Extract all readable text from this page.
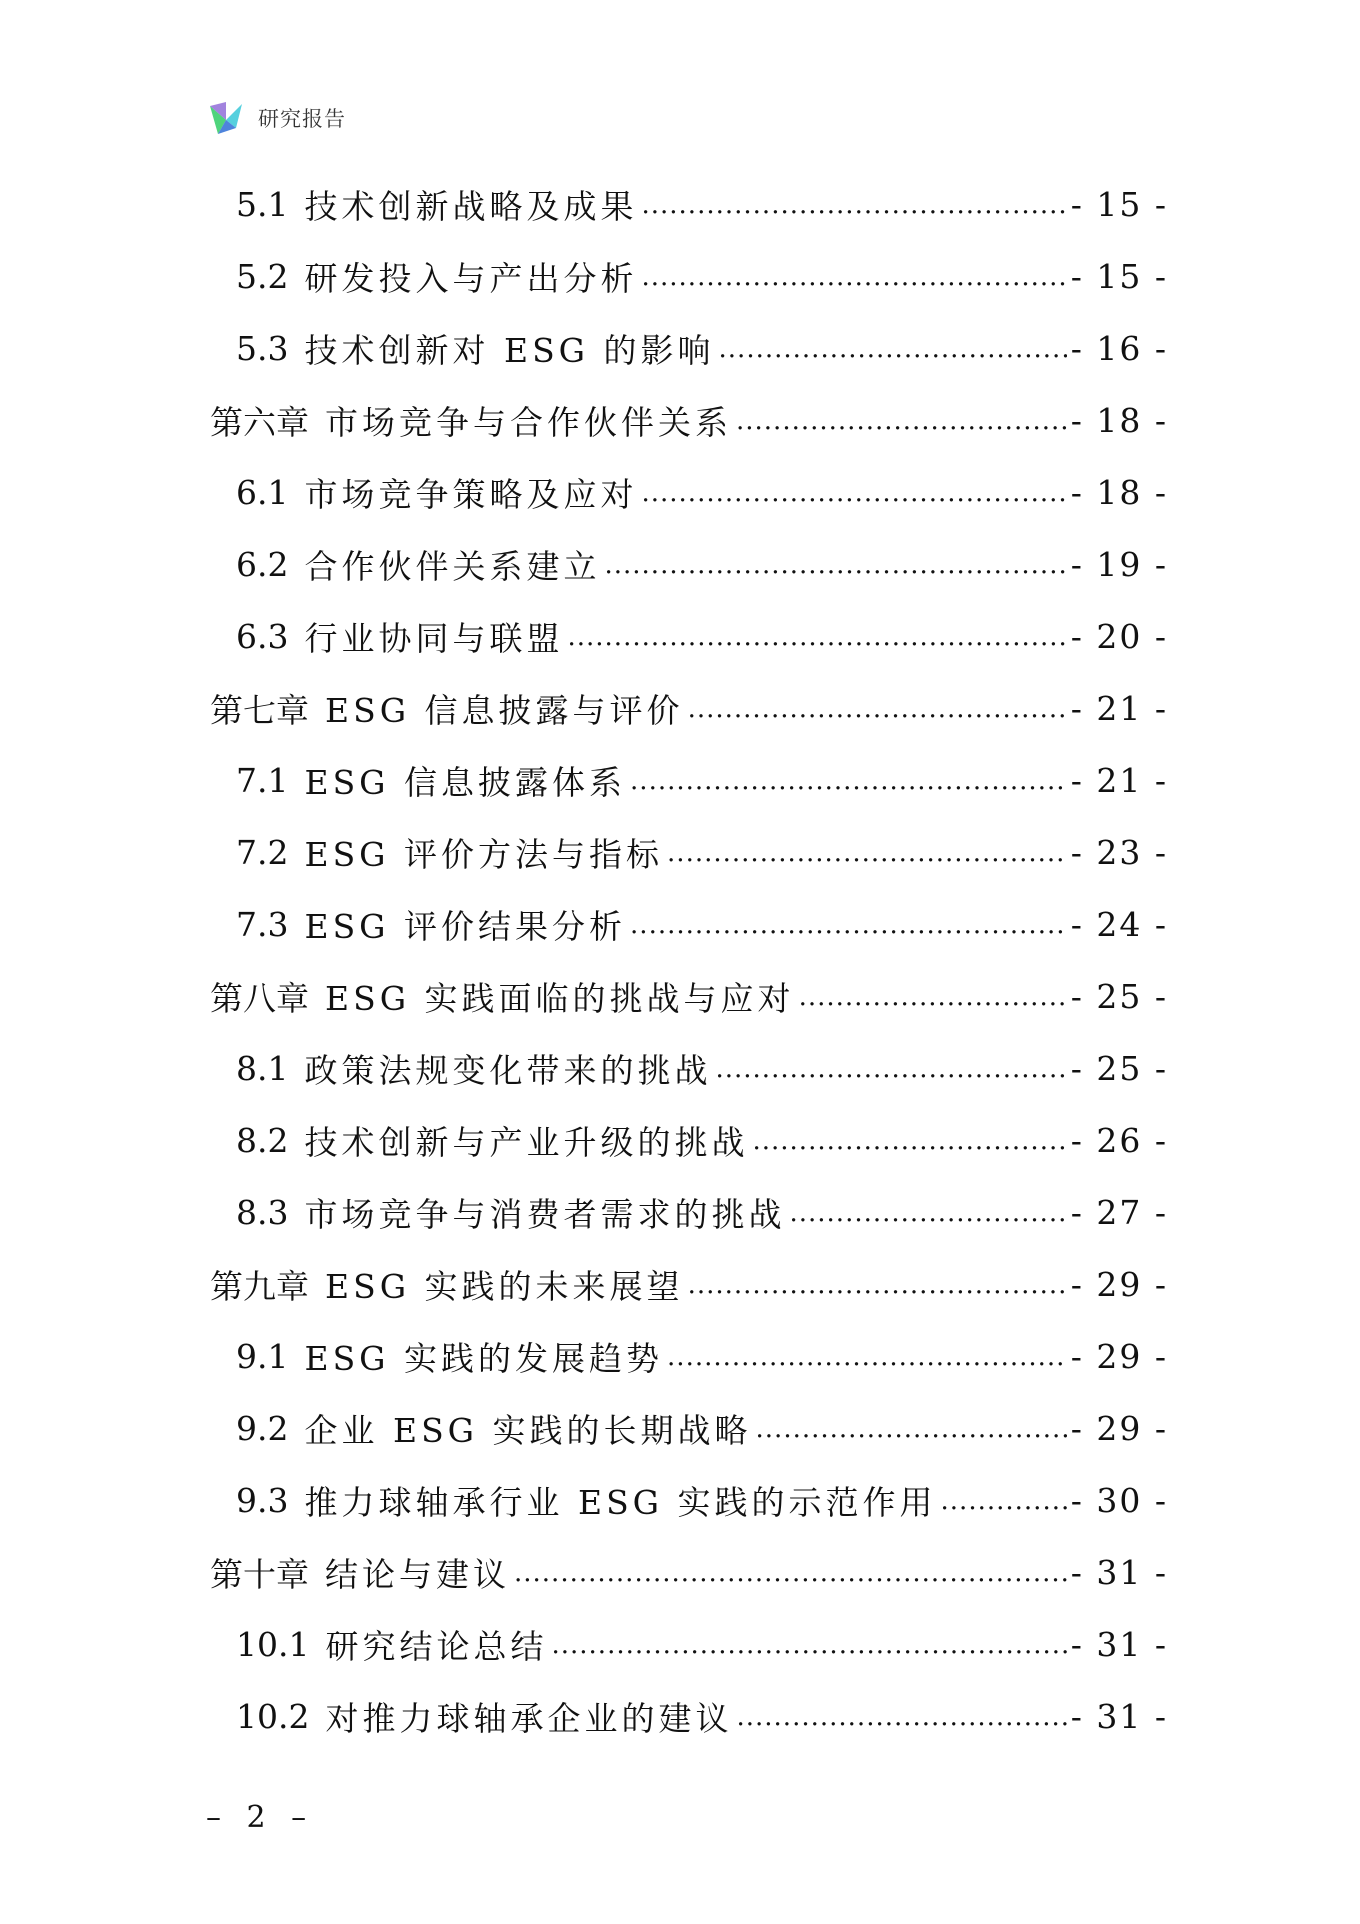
研究报告
5.1 技术创新战略及成果 .....	- 15 -
5.2 研发投入与产出分析 .....	- 15 -
5.3 技术创新对 ESG 的影响 .....	- 16 -
第六章 市场竞争与合作伙伴关系 .....	- 18 -
6.1 市场竞争策略及应对 .....	- 18 -
6.2 合作伙伴关系建立 .....	- 19 -
6.3 行业协同与联盟 .....	- 20 -
第七章 ESG 信息披露与评价 .....	- 21 -
7.1 ESG 信息披露体系 .....	- 21 -
7.2 ESG 评价方法与指标 .....	- 23 -
7.3 ESG 评价结果分析 .....	- 24 -
第八章 ESG 实践面临的挑战与应对 .....	- 25 -
8.1 政策法规变化带来的挑战 .....	- 25 -
8.2 技术创新与产业升级的挑战 .....	- 26 -
8.3 市场竞争与消费者需求的挑战 .....	- 27 -
第九章 ESG 实践的未来展望 .....	- 29 -
9.1 ESG 实践的发展趋势 .....	- 29 -
9.2 企业 ESG 实践的长期战略 .....	- 29 -
9.3 推力球轴承行业 ESG 实践的示范作用 .....	- 30 -
第十章 结论与建议 .....	- 31 -
10.1 研究结论总结 .....	- 31 -
10.2 对推力球轴承企业的建议 .....	- 31 -
– 2 –
